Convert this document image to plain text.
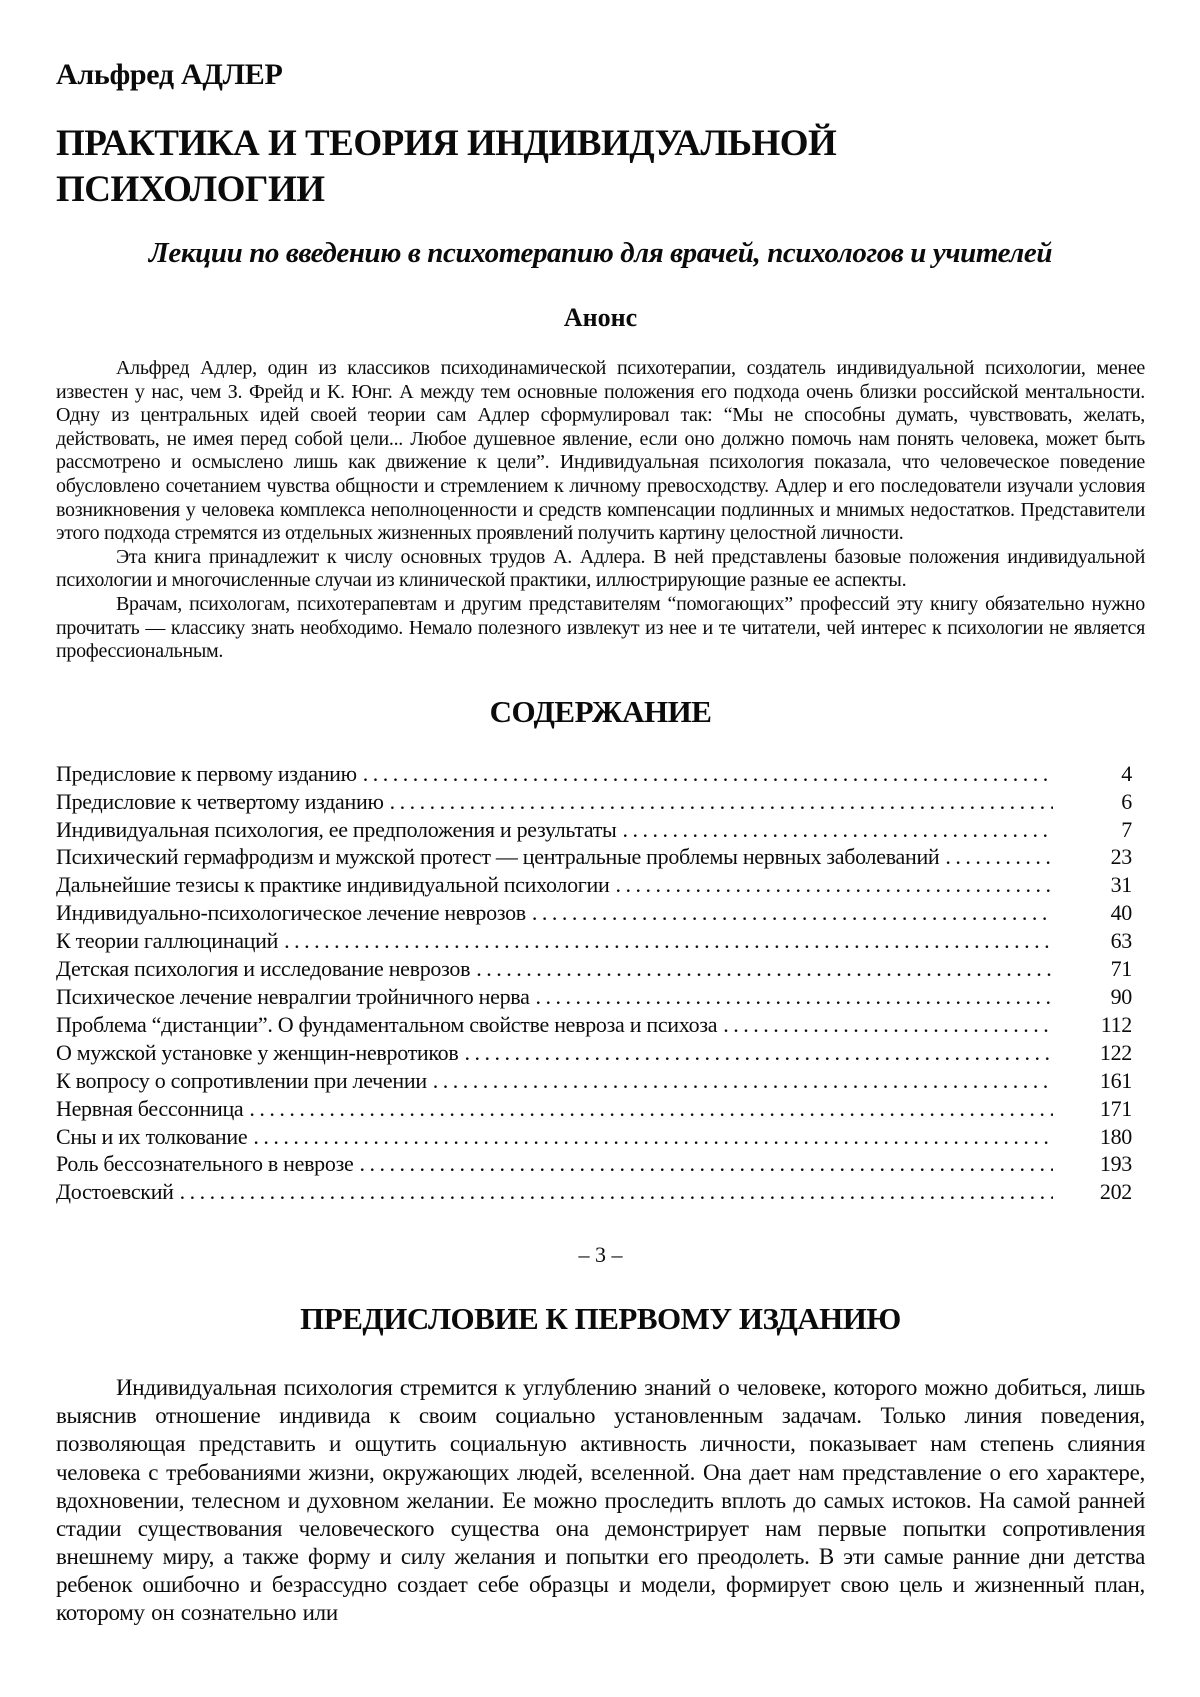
Альфред АДЛЕР
ПРАКТИКА И ТЕОРИЯ ИНДИВИДУАЛЬНОЙ ПСИХОЛОГИИ
Лекции по введению в психотерапию для врачей, психологов и учителей
Анонс

Альфред Адлер, один из классиков психодинамической психотерапии, создатель индивидуальной психологии, менее известен у нас, чем З. Фрейд и К. Юнг. А между тем основные положения его подхода очень близки российской ментальности. Одну из центральных идей своей теории сам Адлер сформулировал так: “Мы не способны думать, чувствовать, желать, действовать, не имея перед собой цели... Любое душевное явление, если оно должно помочь нам понять человека, может быть рассмотрено и осмыслено лишь как движение к цели”. Индивидуальная психология показала, что человеческое поведение обусловлено сочетанием чувства общности и стремлением к личному превосходству. Адлер и его последователи изучали условия возникновения у человека комплекса неполноценности и средств компенсации подлинных и мнимых недостатков. Представители этого подхода стремятся из отдельных жизненных проявлений получить картину целостной личности.

Эта книга принадлежит к числу основных трудов А. Адлера. В ней представлены базовые положения индивидуальной психологии и многочисленные случаи из клинической практики, иллюстрирующие разные ее аспекты.

Врачам, психологам, психотерапевтам и другим представителям “помогающих” профессий эту книгу обязательно нужно прочитать — классику знать необходимо. Немало полезного извлекут из нее и те читатели, чей интерес к психологии не является профессиональным.

СОДЕРЖАНИЕ
Предисловие к первому изданию .....	4
Предисловие к четвертому изданию .....	6
Индивидуальная психология, ее предположения и результаты .....	7
Психический гермафродизм и мужской протест — центральные проблемы нервных заболеваний .....	23
Дальнейшие тезисы к практике индивидуальной психологии .....	31
Индивидуально-психологическое лечение неврозов .....	40
К теории галлюцинаций .....	63
Детская психология и исследование неврозов .....	71
Психическое лечение невралгии тройничного нерва .....	90
Проблема “дистанции”. О фундаментальном свойстве невроза и психоза .....	112
О мужской установке у женщин-невротиков .....	122
К вопросу о сопротивлении при лечении .....	161
Нервная бессонница .....	171
Сны и их толкование .....	180
Роль бессознательного в неврозе .....	193
Достоевский .....	202
– 3 –
ПРЕДИСЛОВИЕ К ПЕРВОМУ ИЗДАНИЮ

Индивидуальная психология стремится к углублению знаний о человеке, которого можно добиться, лишь выяснив отношение индивида к своим социально установленным задачам. Только линия поведения, позволяющая представить и ощутить социальную активность личности, показывает нам степень слияния человека с требованиями жизни, окружающих людей, вселенной. Она дает нам представление о его характере, вдохновении, телесном и духовном желании. Ее можно проследить вплоть до самых истоков. На самой ранней стадии существования человеческого существа она демонстрирует нам первые попытки сопротивления внешнему миру, а также форму и силу желания и попытки его преодолеть. В эти самые ранние дни детства ребенок ошибочно и безрассудно создает себе образцы и модели, формирует свою цель и жизненный план, которому он сознательно или
